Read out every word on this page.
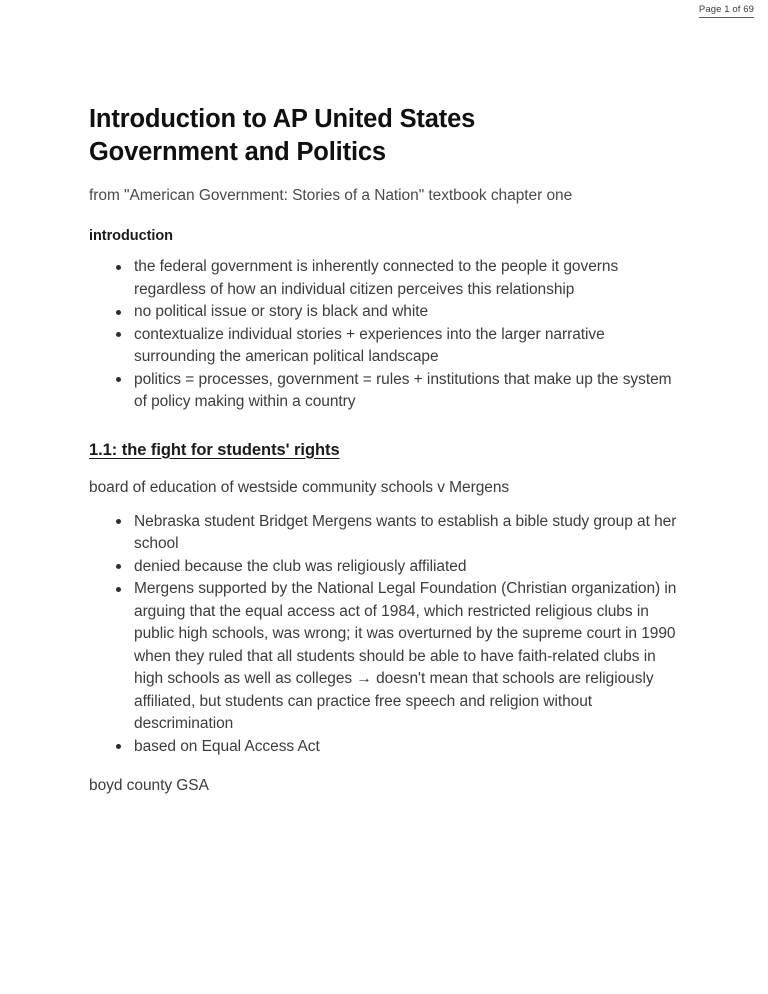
Page 1 of 69
Introduction to AP United States Government and Politics

from "American Government: Stories of a Nation" textbook chapter one

introduction
the federal government is inherently connected to the people it governs regardless of how an individual citizen perceives this relationship
no political issue or story is black and white
contextualize individual stories + experiences into the larger narrative surrounding the american political landscape
politics = processes, government = rules + institutions that make up the system of policy making within a country
1.1: the fight for students' rights

board of education of westside community schools v Mergens

Nebraska student Bridget Mergens wants to establish a bible study group at her school
denied because the club was religiously affiliated
Mergens supported by the National Legal Foundation (Christian organization) in arguing that the equal access act of 1984, which restricted religious clubs in public high schools, was wrong; it was overturned by the supreme court in 1990 when they ruled that all students should be able to have faith-related clubs in high schools as well as colleges → doesn't mean that schools are religiously affiliated, but students can practice free speech and religion without descrimination
based on Equal Access Act

boyd county GSA
